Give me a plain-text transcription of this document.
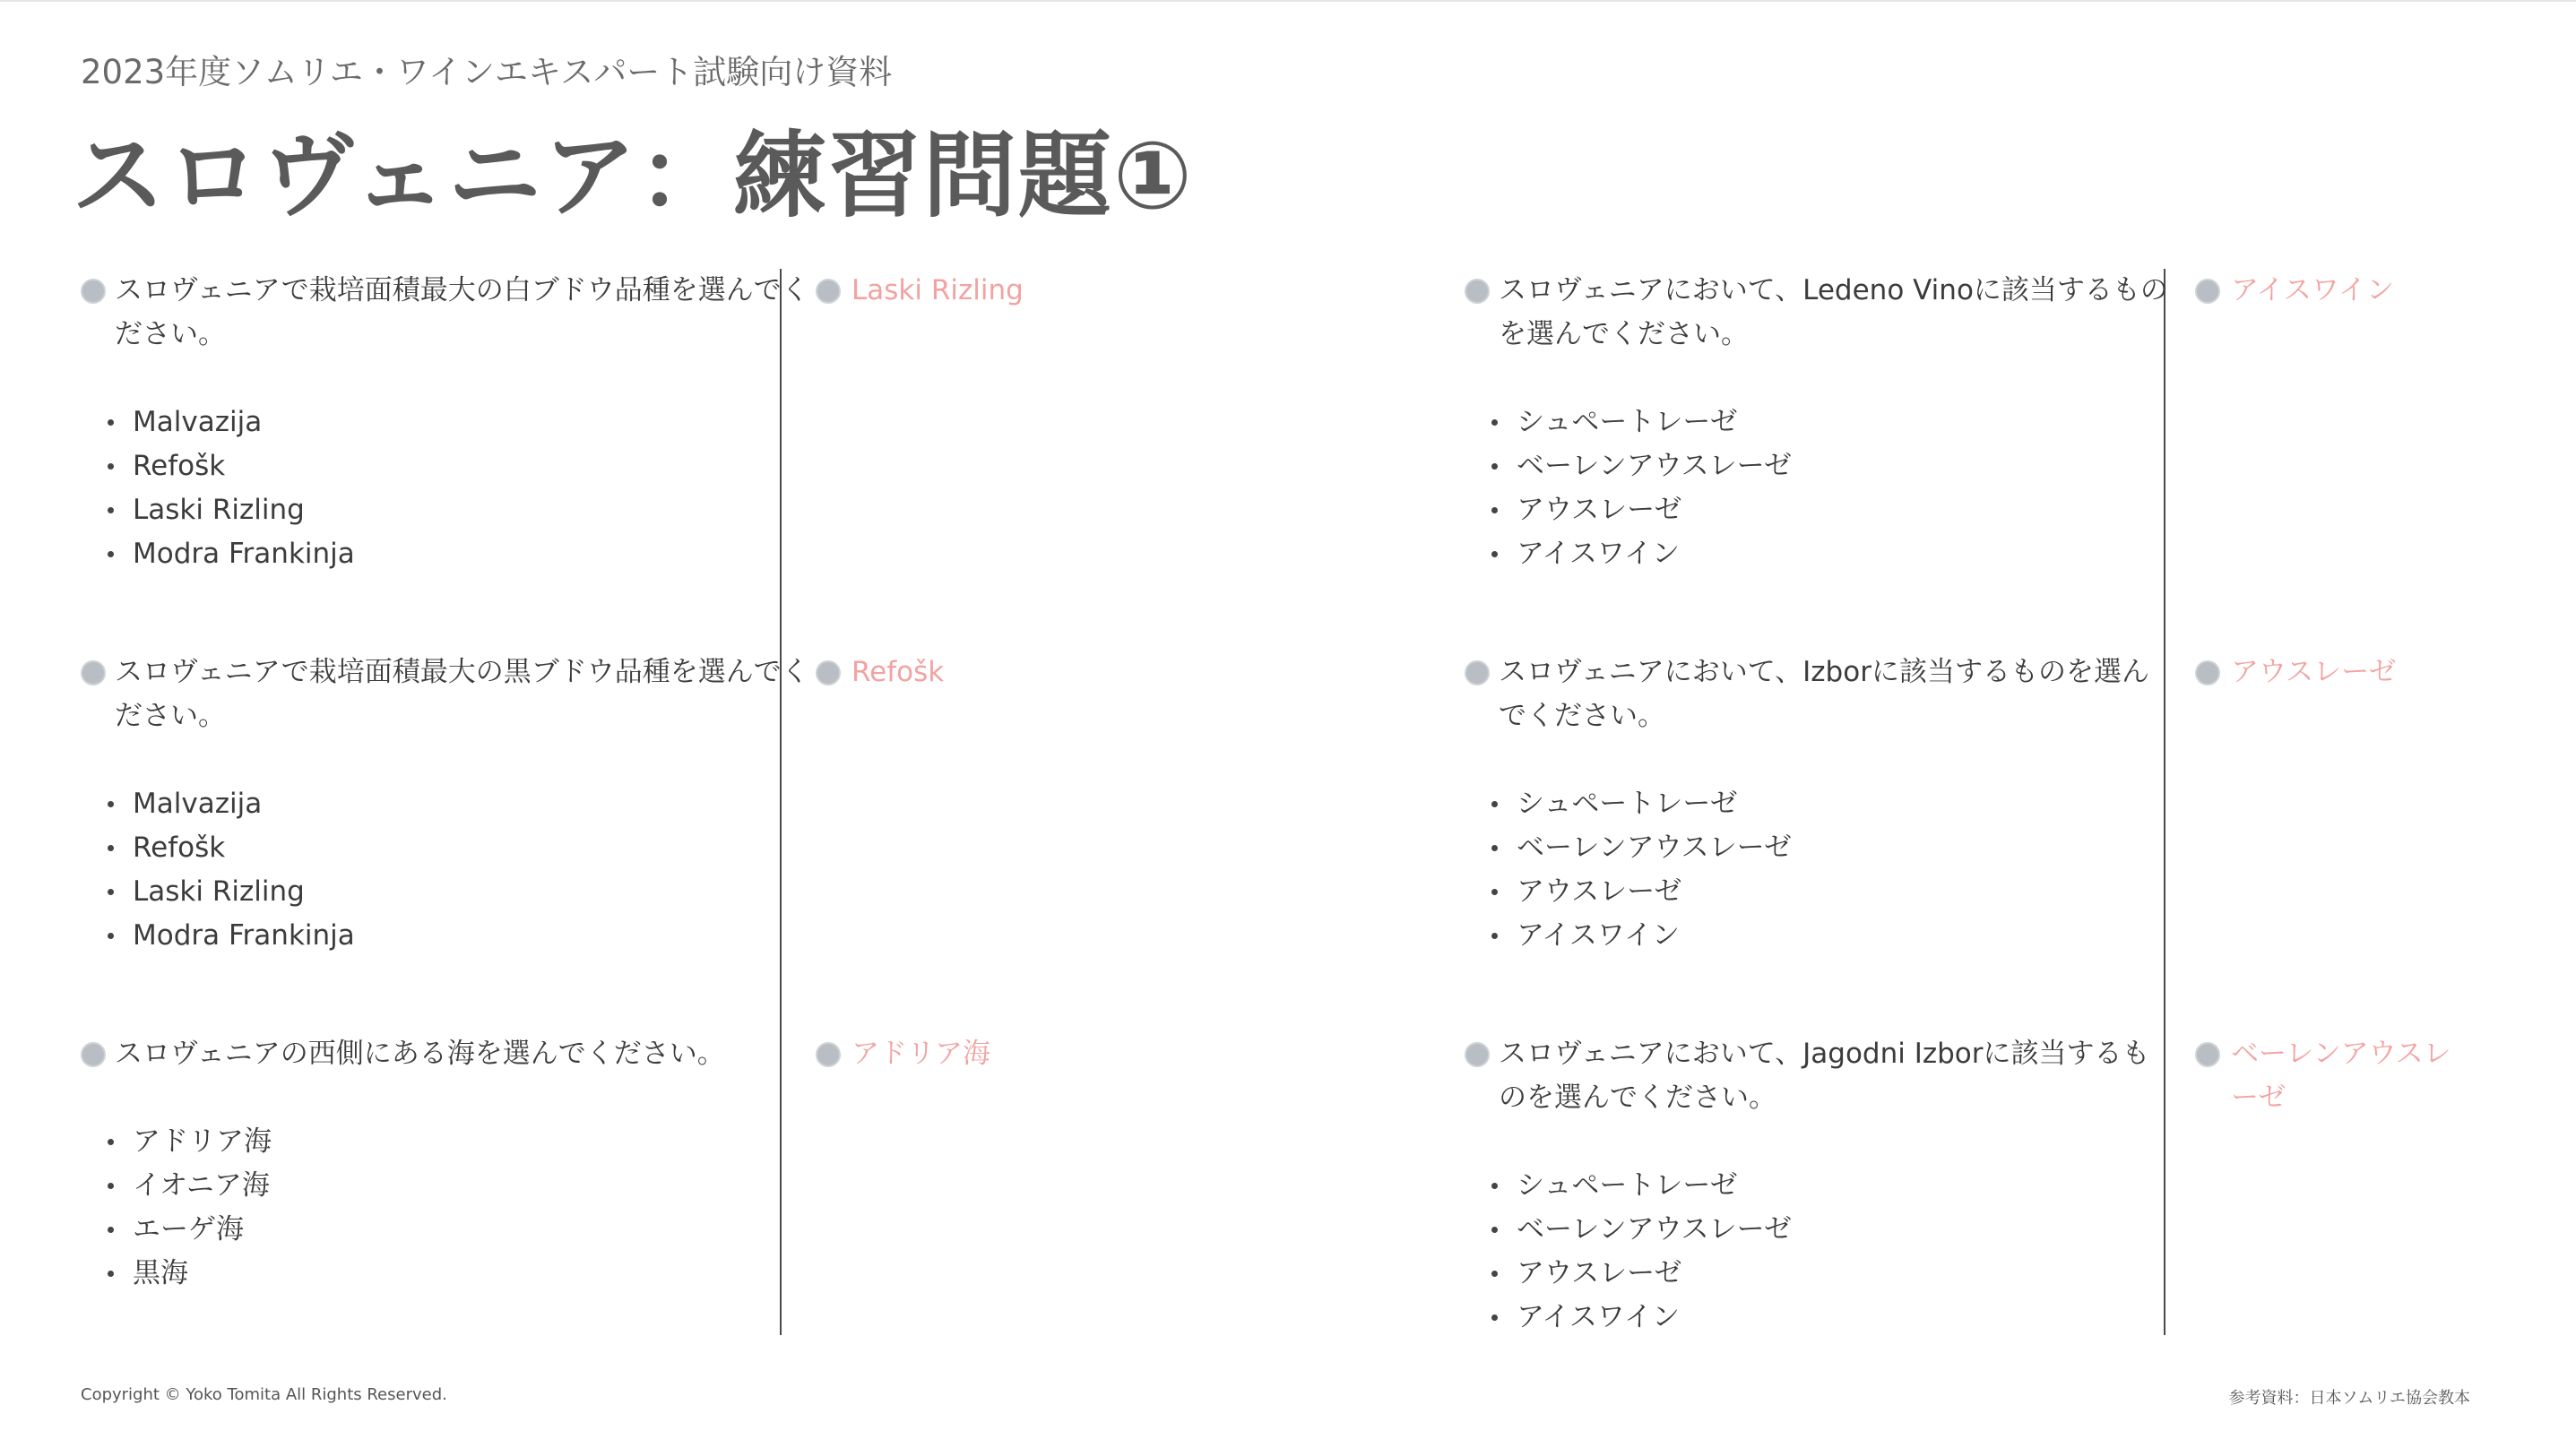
2023年度ソムリエ・ワインエキスパート試験向け資料
スロヴェニア：練習問題①
スロヴェニアで栽培面積最大の白ブドウ品種を選んでください。
Malvazija
Refošk
Laski Rizling
Modra Frankinja
Laski Rizling
スロヴェニアで栽培面積最大の黒ブドウ品種を選んでください。
Malvazija
Refošk
Laski Rizling
Modra Frankinja
Refošk
スロヴェニアの西側にある海を選んでください。
アドリア海
イオニア海
エーゲ海
黒海
アドリア海
スロヴェニアにおいて、Ledeno Vinoに該当するものを選んでください。
シュペートレーゼ
ベーレンアウスレーゼ
アウスレーゼ
アイスワイン
アイスワイン
スロヴェニアにおいて、Izborに該当するものを選んでください。
シュペートレーゼ
ベーレンアウスレーゼ
アウスレーゼ
アイスワイン
アウスレーゼ
スロヴェニアにおいて、Jagodni Izborに該当するものを選んでください。
シュペートレーゼ
ベーレンアウスレーゼ
アウスレーゼ
アイスワイン
ベーレンアウスレーゼ
Copyright © Yoko Tomita All Rights Reserved.	参考資料：日本ソムリエ協会教本
